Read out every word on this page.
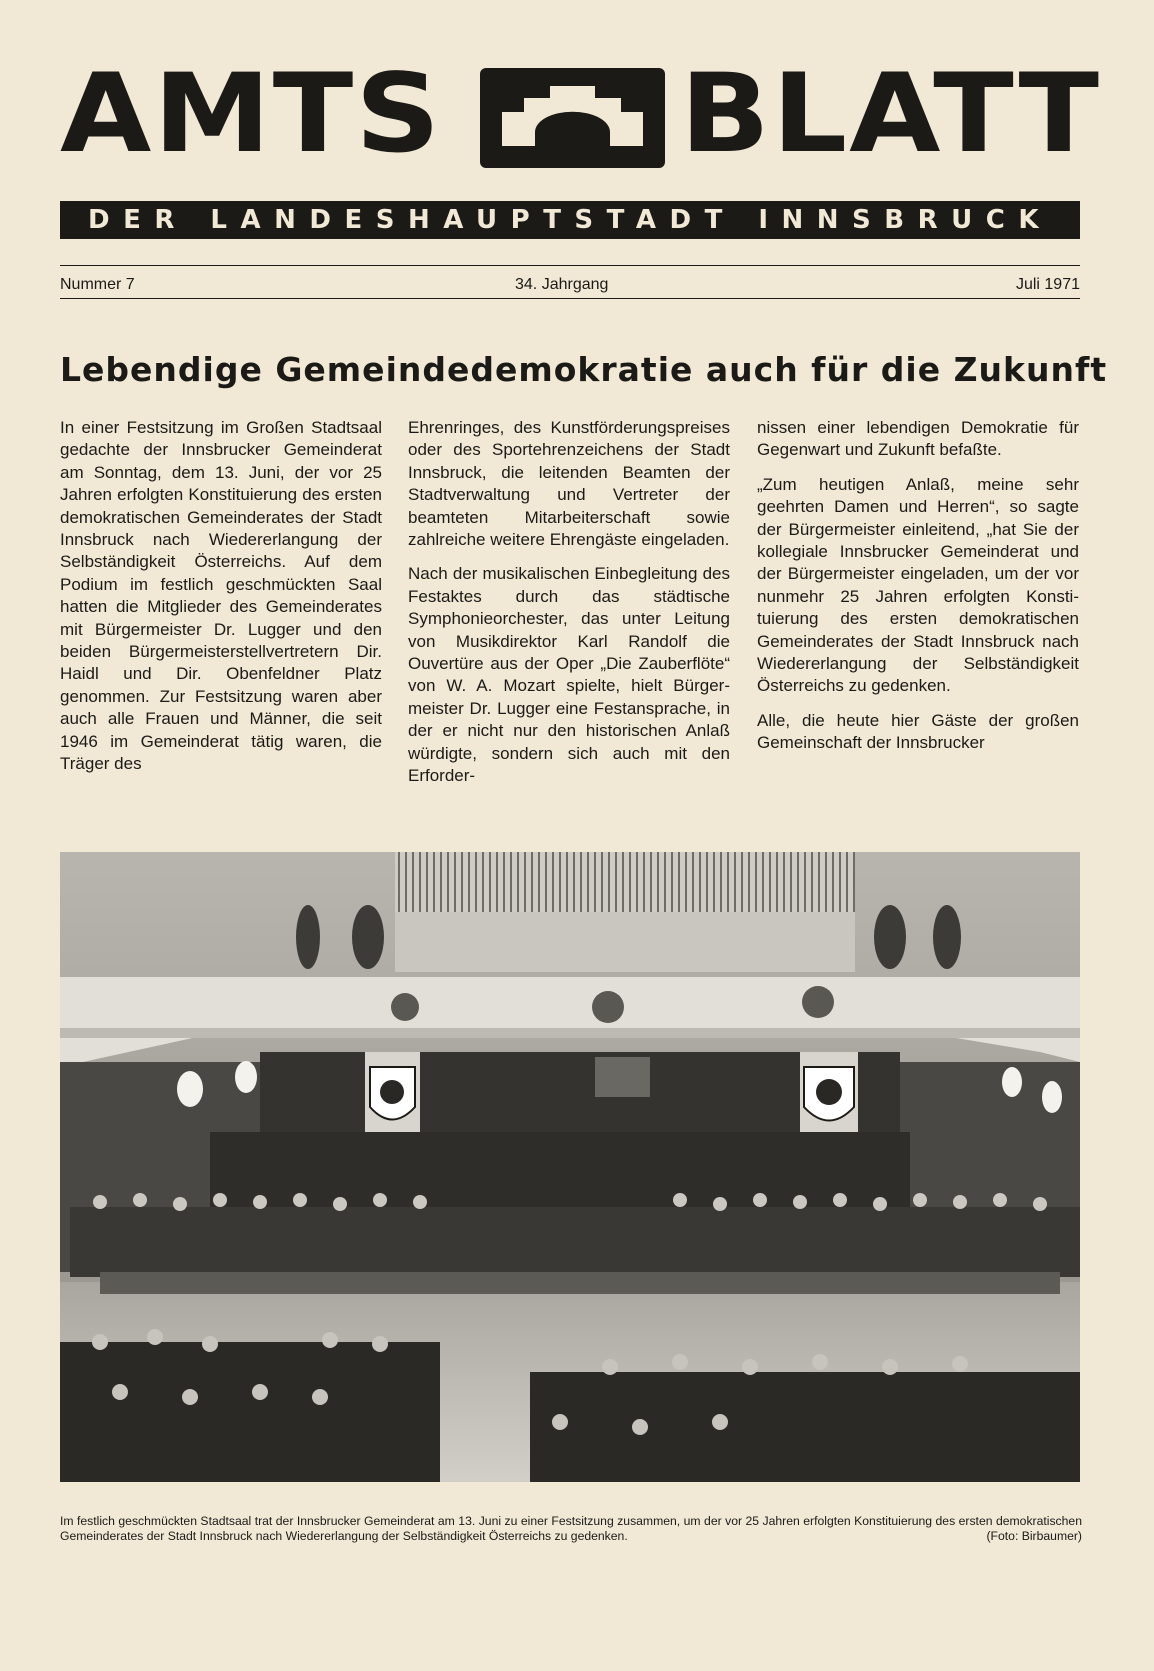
AMTS BLATT
DER LANDESHAUPTSTADT INNSBRUCK
Nummer 7	34. Jahrgang	Juli 1971
Lebendige Gemeindedemokratie auch für die Zukunft

In einer Festsitzung im Großen Stadtsaal gedachte der Innsbrucker Gemeinderat am Sonntag, dem 13. Juni, der vor 25 Jahren erfolgten Konstituierung des ersten demokratischen Gemeinderates der Stadt Innsbruck nach Wiedererlangung der Selbständigkeit Österreichs. Auf dem Podium im festlich geschmückten Saal hatten die Mitglieder des Gemeinderates mit Bürgermeister Dr. Lugger und den beiden Bürgermeisterstellvertretern Dir. Haidl und Dir. Obenfeldner Platz genommen. Zur Festsitzung waren aber auch alle Frauen und Männer, die seit 1946 im Gemeinderat tätig waren, die Träger des

Ehrenringes, des Kunstförderungspreises oder des Sportehrenzeichens der Stadt Innsbruck, die leitenden Beamten der Stadtverwaltung und Vertreter der beamteten Mitarbeiterschaft sowie zahlreiche weitere Ehrengäste eingeladen.

Nach der musikalischen Einbegleitung des Festaktes durch das städtische Symphonieorchester, das unter Leitung von Musikdirektor Karl Randolf die Ouvertüre aus der Oper „Die Zauberflöte“ von W. A. Mozart spielte, hielt Bürgermeister Dr. Lugger eine Festansprache, in der er nicht nur den historischen Anlaß würdigte, sondern sich auch mit den Erforder-

nissen einer lebendigen Demokratie für Gegenwart und Zukunft befaßte.

„Zum heutigen Anlaß, meine sehr geehrten Damen und Herren“, so sagte der Bürgermeister einleitend, „hat Sie der kollegiale Innsbrucker Gemeinderat und der Bürgermeister eingeladen, um der vor nunmehr 25 Jahren erfolgten Konstituierung des ersten demokratischen Gemeinderates der Stadt Innsbruck nach Wiedererlangung der Selbständigkeit Österreichs zu gedenken.

Alle, die heute hier Gäste der großen Gemeinschaft der Innsbrucker

Im festlich geschmückten Stadtsaal trat der Innsbrucker Gemeinderat am 13. Juni zu einer Festsitzung zusammen, um der vor 25 Jahren erfolgten Konstituierung des ersten demokratischen Gemeinderates der Stadt Innsbruck nach Wiedererlangung der Selbständigkeit Österreichs zu gedenken.	(Foto: Birbaumer)
